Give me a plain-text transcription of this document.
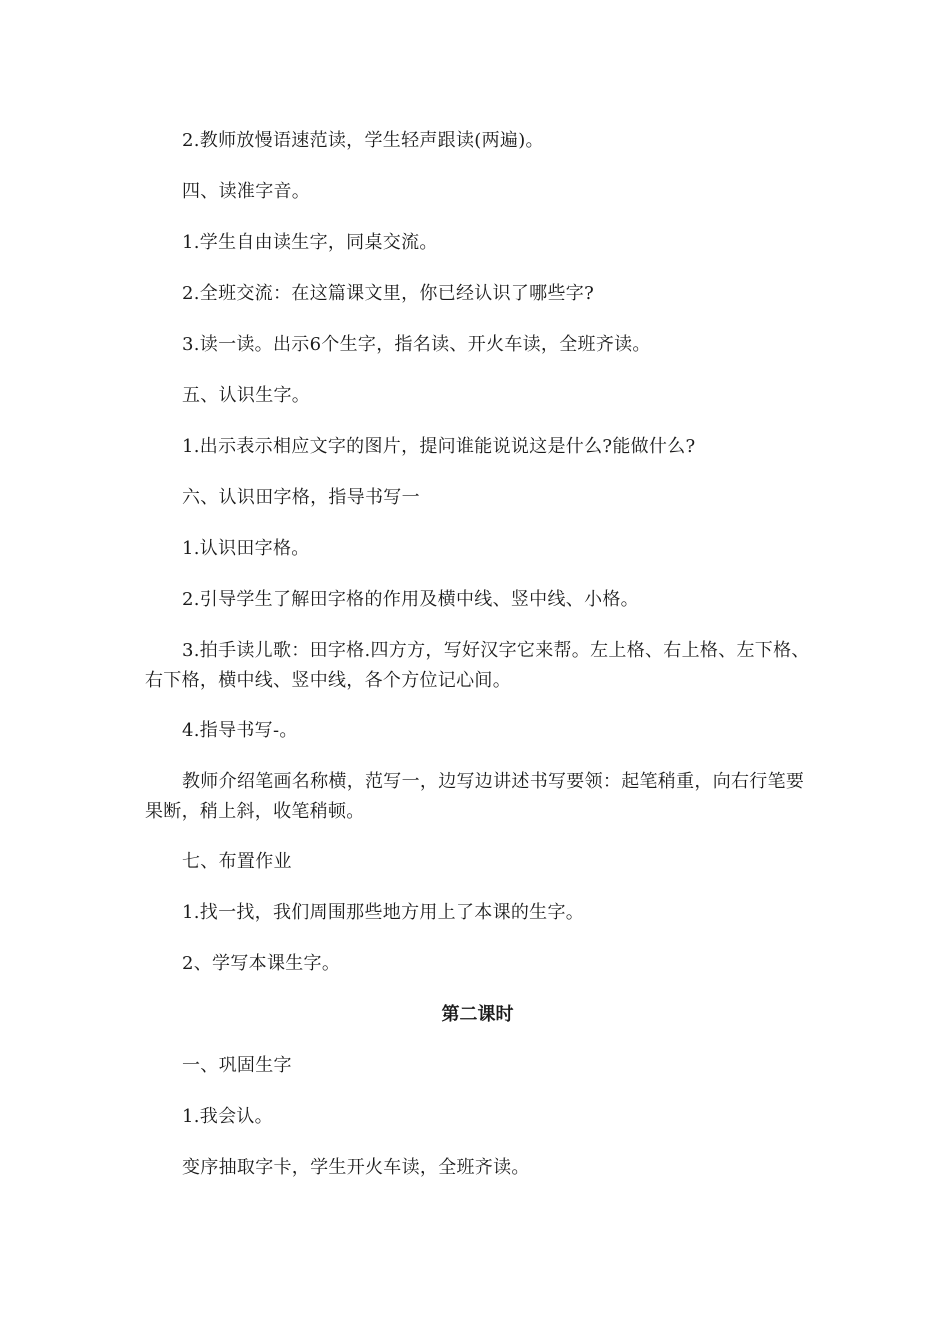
2.教师放慢语速范读，学生轻声跟读(两遍)。
四、读准字音。
1.学生自由读生字，同桌交流。
2.全班交流：在这篇课文里，你已经认识了哪些字?
3.读一读。出示6个生字，指名读、开火车读，全班齐读。
五、认识生字。
1.出示表示相应文字的图片，提问谁能说说这是什么?能做什么?
六、认识田字格，指导书写一
1.认识田字格。
2.引导学生了解田字格的作用及横中线、竖中线、小格。
3.拍手读儿歌：田字格.四方方，写好汉字它来帮。左上格、右上格、左下格、右下格，横中线、竖中线，各个方位记心间。
4.指导书写-。
教师介绍笔画名称横，范写一，边写边讲述书写要领：起笔稍重，向右行笔要果断，稍上斜，收笔稍顿。
七、布置作业
1.找一找，我们周围那些地方用上了本课的生字。
2、学写本课生字。
第二课时
一、巩固生字
1.我会认。
变序抽取字卡，学生开火车读，全班齐读。
